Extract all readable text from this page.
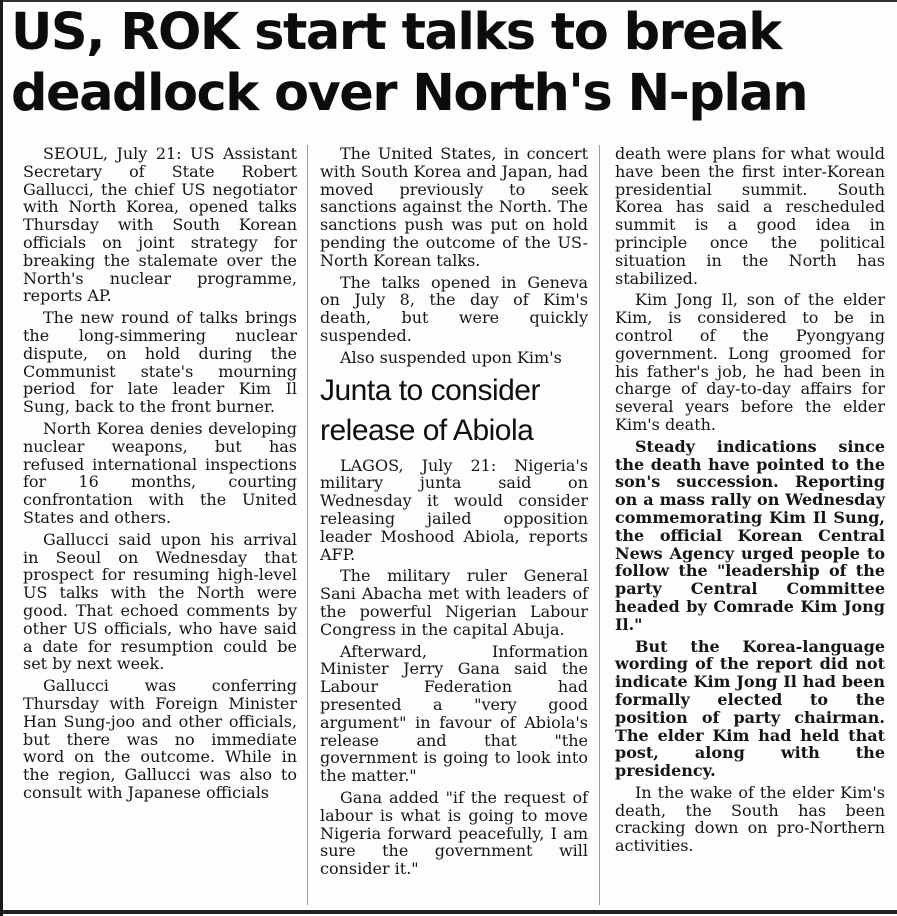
US, ROK start talks to break
deadlock over North's N-plan

SEOUL, July 21: US Assistant Secretary of State Robert Gallucci, the chief US negotiator with North Korea, opened talks Thursday with South Korean officials on joint strategy for breaking the stalemate over the North's nuclear programme, reports AP.

The new round of talks brings the long-simmering nuclear dispute, on hold during the Communist state's mourning period for late leader Kim Il Sung, back to the front burner.

North Korea denies developing nuclear weapons, but has refused international inspections for 16 months, courting confrontation with the United States and others.

Gallucci said upon his arrival in Seoul on Wednesday that prospect for resuming high-level US talks with the North were good. That echoed comments by other US officials, who have said a date for resumption could be set by next week.

Gallucci was conferring Thursday with Foreign Minister Han Sung-joo and other officials, but there was no immediate word on the outcome. While in the region, Gallucci was also to consult with Japanese officials

The United States, in concert with South Korea and Japan, had moved previously to seek sanctions against the North. The sanctions push was put on hold pending the outcome of the US-North Korean talks.

The talks opened in Geneva on July 8, the day of Kim's death, but were quickly suspended.

Also suspended upon Kim's

Junta to consider
release of Abiola

LAGOS, July 21: Nigeria's military junta said on Wednesday it would consider releasing jailed opposition leader Moshood Abiola, reports AFP.

The military ruler General Sani Abacha met with leaders of the powerful Nigerian Labour Congress in the capital Abuja.

Afterward, Information Minister Jerry Gana said the Labour Federation had presented a "very good argument" in favour of Abiola's release and that "the government is going to look into the matter."

Gana added "if the request of labour is what is going to move Nigeria forward peacefully, I am sure the government will consider it."

death were plans for what would have been the first inter-Korean presidential summit. South Korea has said a rescheduled summit is a good idea in principle once the political situation in the North has stabilized.

Kim Jong Il, son of the elder Kim, is considered to be in control of the Pyongyang government. Long groomed for his father's job, he had been in charge of day-to-day affairs for several years before the elder Kim's death.

Steady indications since the death have pointed to the son's succession. Reporting on a mass rally on Wednesday commemorating Kim Il Sung, the official Korean Central News Agency urged people to follow the "leadership of the party Central Committee headed by Comrade Kim Jong Il."

But the Korea-language wording of the report did not indicate Kim Jong Il had been formally elected to the position of party chairman. The elder Kim had held that post, along with the presidency.

In the wake of the elder Kim's death, the South has been cracking down on pro-Northern activities.
